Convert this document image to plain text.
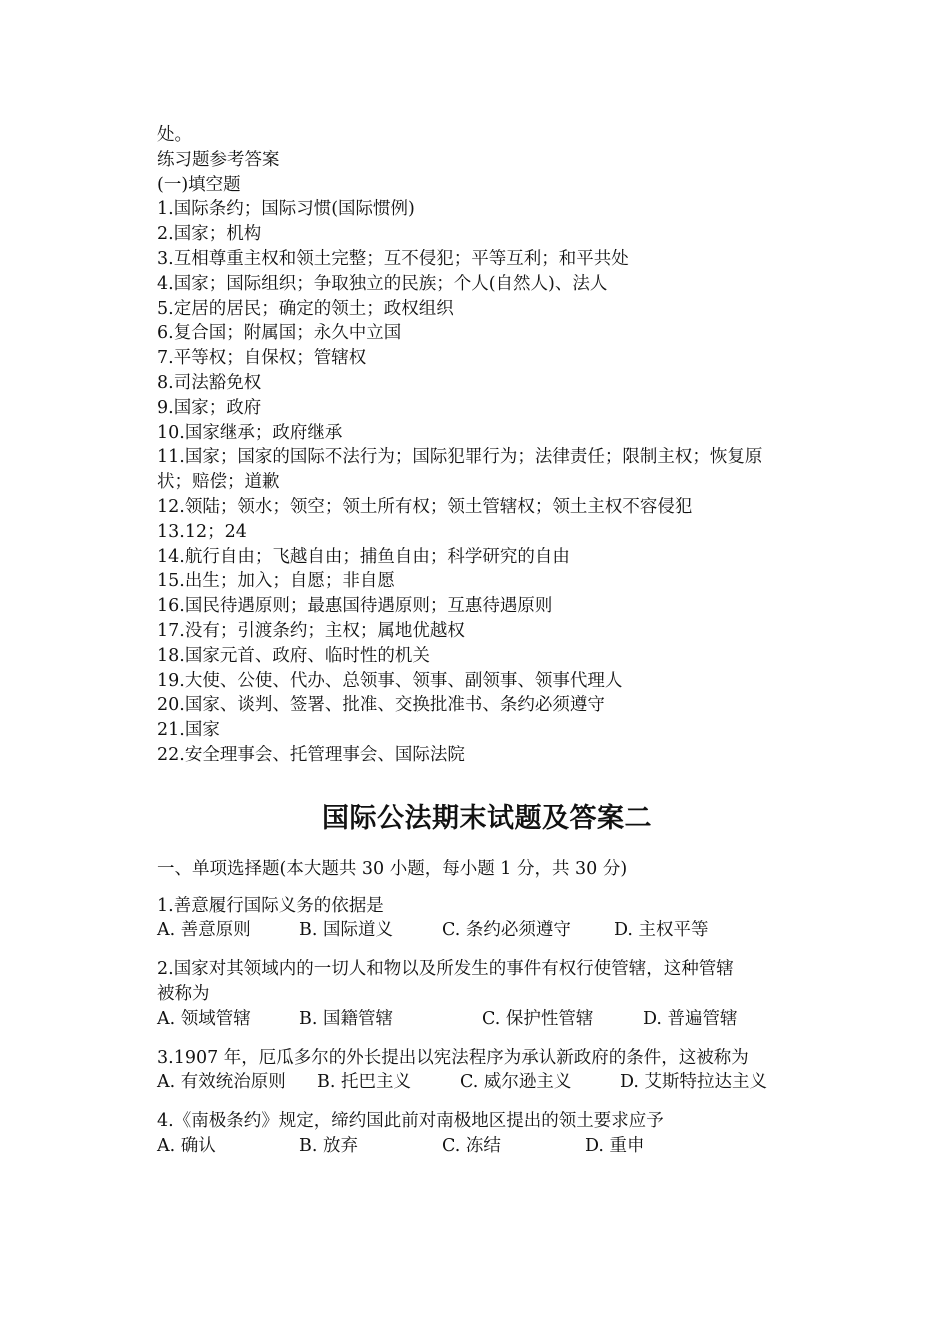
处。
练习题参考答案
(一)填空题
1.国际条约；国际习惯(国际惯例)
2.国家；机构
3.互相尊重主权和领土完整；互不侵犯；平等互利；和平共处
4.国家；国际组织；争取独立的民族；个人(自然人)、法人
5.定居的居民；确定的领土；政权组织
6.复合国；附属国；永久中立国
7.平等权；自保权；管辖权
8.司法豁免权
9.国家；政府
10.国家继承；政府继承
11.国家；国家的国际不法行为；国际犯罪行为；法律责任；限制主权；恢复原
状；赔偿；道歉
12.领陆；领水；领空；领土所有权；领土管辖权；领土主权不容侵犯
13.12；24
14.航行自由；飞越自由；捕鱼自由；科学研究的自由
15.出生；加入；自愿；非自愿
16.国民待遇原则；最惠国待遇原则；互惠待遇原则
17.没有；引渡条约；主权；属地优越权
18.国家元首、政府、临时性的机关
19.大使、公使、代办、总领事、领事、副领事、领事代理人
20.国家、谈判、签署、批准、交换批准书、条约必须遵守
21.国家
22.安全理事会、托管理事会、国际法院
国际公法期末试题及答案二
一、单项选择题(本大题共 30 小题，每小题 1 分，共 30 分)
1.善意履行国际义务的依据是
A. 善意原则	B. 国际道义	C. 条约必须遵守	D. 主权平等
2.国家对其领域内的一切人和物以及所发生的事件有权行使管辖，这种管辖
被称为
A. 领域管辖	B. 国籍管辖	C. 保护性管辖	D. 普遍管辖
3.1907 年，厄瓜多尔的外长提出以宪法程序为承认新政府的条件，这被称为
A. 有效统治原则	B. 托巴主义	C. 威尔逊主义	D. 艾斯特拉达主义
4.《南极条约》规定，缔约国此前对南极地区提出的领土要求应予
A. 确认	B. 放弃	C. 冻结	D. 重申
